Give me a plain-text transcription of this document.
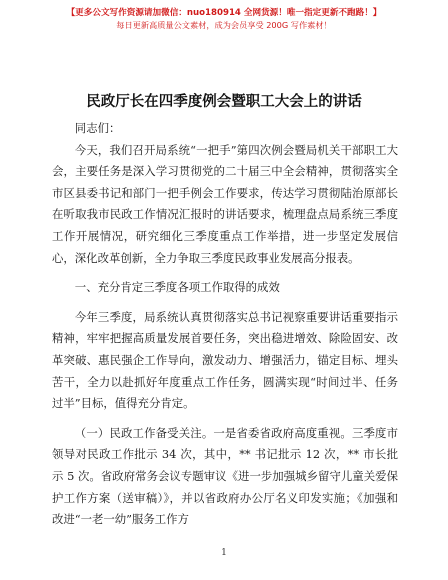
【更多公文写作资源请加微信：nuo180914 全网货源！唯一指定更新不跑路！】
每日更新高质量公文素材，成为会员享受 200G 写作素材！
民政厅长在四季度例会暨职工大会上的讲话

同志们：

今天，我们召开局系统“一把手”第四次例会暨局机关干部职工大会，主要任务是深入学习贯彻党的二十届三中全会精神，贯彻落实全市区县委书记和部门一把手例会工作要求，传达学习贯彻陆治原部长在听取我市民政工作情况汇报时的讲话要求，梳理盘点局系统三季度工作开展情况，研究细化三季度重点工作举措，进一步坚定发展信心，深化改革创新，全力争取三季度民政事业发展高分报表。

一、充分肯定三季度各项工作取得的成效

今年三季度，局系统认真贯彻落实总书记视察重要讲话重要指示精神，牢牢把握高质量发展首要任务，突出稳进增效、除险固安、改革突破、惠民强企工作导向，激发动力、增强活力，锚定目标、埋头苦干，全力以赴抓好年度重点工作任务，圆满实现“时间过半、任务过半”目标，值得充分肯定。

（一）民政工作备受关注。一是省委省政府高度重视。三季度市领导对民政工作批示 34 次，其中，** 书记批示 12 次，** 市长批示 5 次。省政府常务会议专题审议《进一步加强城乡留守儿童关爱保护工作方案（送审稿）》，并以省政府办公厅名义印发实施；《加强和改进“一老一幼”服务工作方

1
